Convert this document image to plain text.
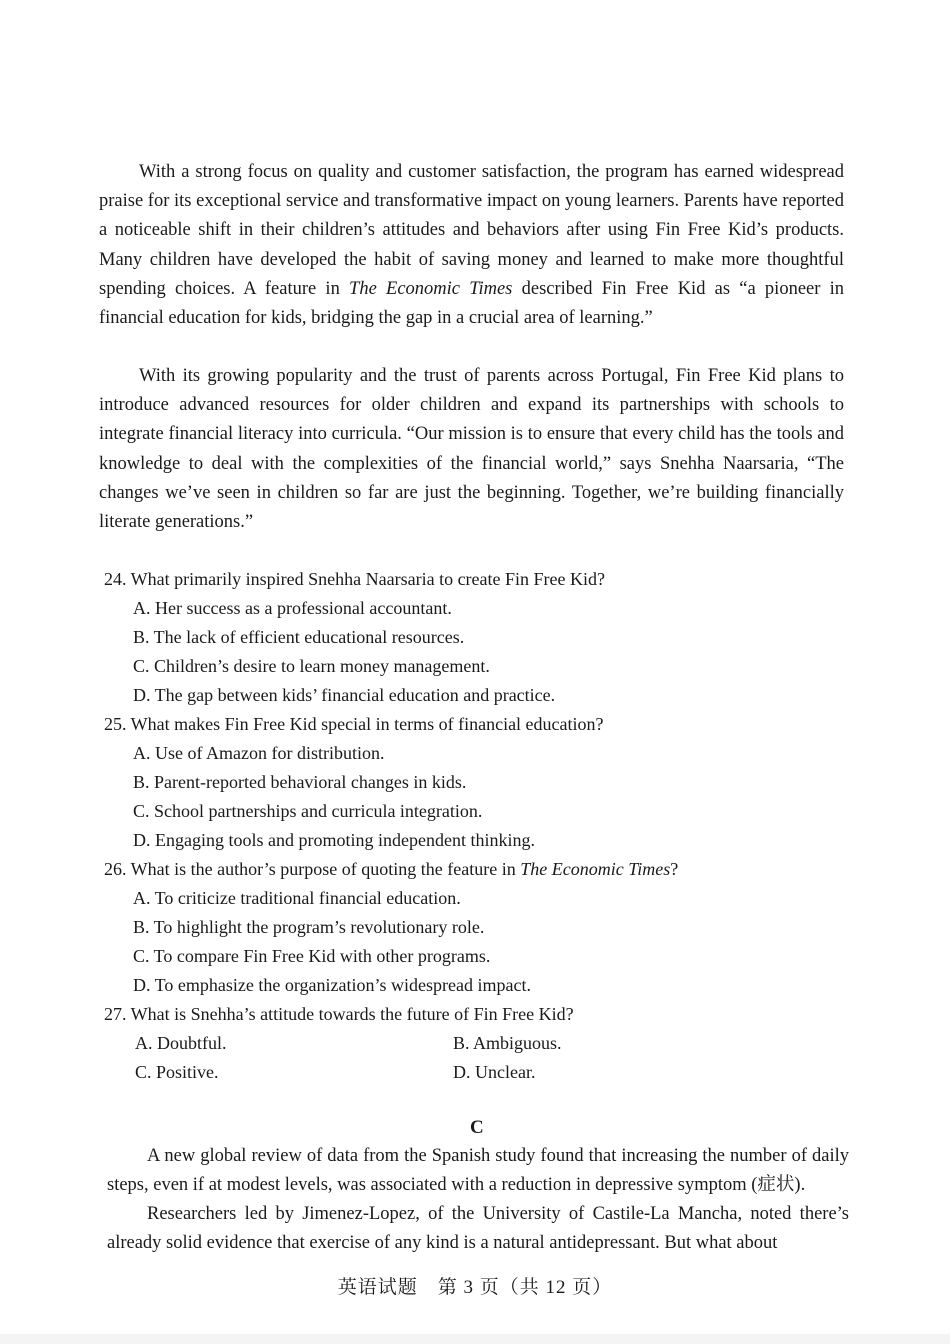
With a strong focus on quality and customer satisfaction, the program has earned widespread praise for its exceptional service and transformative impact on young learners. Parents have reported a noticeable shift in their children’s attitudes and behaviors after using Fin Free Kid’s products. Many children have developed the habit of saving money and learned to make more thoughtful spending choices. A feature in The Economic Times described Fin Free Kid as “a pioneer in financial education for kids, bridging the gap in a crucial area of learning.”

With its growing popularity and the trust of parents across Portugal, Fin Free Kid plans to introduce advanced resources for older children and expand its partnerships with schools to integrate financial literacy into curricula. “Our mission is to ensure that every child has the tools and knowledge to deal with the complexities of the financial world,” says Snehha Naarsaria, “The changes we’ve seen in children so far are just the beginning. Together, we’re building financially literate generations.”

24. What primarily inspired Snehha Naarsaria to create Fin Free Kid?

A. Her success as a professional accountant.

B. The lack of efficient educational resources.

C. Children’s desire to learn money management.

D. The gap between kids’ financial education and practice.

25. What makes Fin Free Kid special in terms of financial education?

A. Use of Amazon for distribution.

B. Parent-reported behavioral changes in kids.

C. School partnerships and curricula integration.

D. Engaging tools and promoting independent thinking.

26. What is the author’s purpose of quoting the feature in The Economic Times?

A. To criticize traditional financial education.

B. To highlight the program’s revolutionary role.

C. To compare Fin Free Kid with other programs.

D. To emphasize the organization’s widespread impact.

27. What is Snehha’s attitude towards the future of Fin Free Kid?

A. Doubtful.	B. Ambiguous.

C. Positive.	D. Unclear.

C

A new global review of data from the Spanish study found that increasing the number of daily steps, even if at modest levels, was associated with a reduction in depressive symptom (症状).

Researchers led by Jimenez-Lopez, of the University of Castile-La Mancha, noted there’s already solid evidence that exercise of any kind is a natural antidepressant. But what about

英语试题　第 3 页（共 12 页）
